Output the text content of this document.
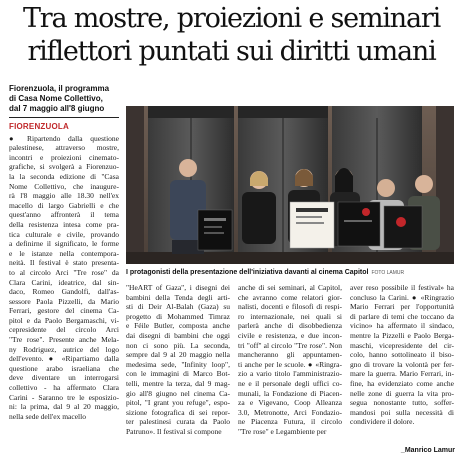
Tra mostre, proiezioni e seminari
riflettori puntati sui diritti umani
Fiorenzuola, il programma
di Casa Nome Collettivo,
dal 7 maggio all'8 giugno
FIORENZUOLA
● Ripartendo dalla questione
palestinese, attraverso mostre,
incontri e proiezioni cinemato-
grafiche, si svolgerà a Fiorenzuo-
la la seconda edizione di "Casa
Nome Collettivo, che inaugure-
rà l'8 maggio alle 18.30 nell'ex
macello di largo Gabrielli e che
quest'anno affronterà il tema
della resistenza intesa come pra-
tica culturale e civile, provando
a definirne il significato, le forme
e le istanze nella contempora-
neità. Il festival è stato presenta-
to al circolo Arci "Tre rose" da
Clara Carini, ideatrice, dal sin-
daco, Romeo Gandolfi, dall'as-
sessore Paola Pizzelli, da Mario
Ferrari, gestore del cinema Ca-
pitol e da Paolo Bergamaschi, vi-
cepresidente del circolo Arci
"Tre rose". Presente anche Mela-
ny Rodriguez, autrice del logo
dell'evento. ● «Ripartiamo dalla
questione arabo israeliana che
deve diventare un interrogarsi
collettivo - ha affermato Clara
Carini - Saranno tre le esposizio-
ni: la prima, dal 9 al 20 maggio,
nella sede dell'ex macello
I protagonisti della presentazione dell'iniziativa davanti al cinema Capitol FOTO LAMUR
"HeART of Gaza", i disegni dei
bambini della Tenda degli arti-
sti di Deir Al-Balah (Gaza) su
progetto di Mohammed Timraz
e Féile Butler, composta anche
dai disegni di bambini che oggi
non ci sono più. La seconda,
sempre dal 9 al 20 maggio nella
medesima sede, "Infinity loop",
con le immagini di Marco Bot-
telli, mentre la terza, dal 9 mag-
gio all'8 giugno nel cinema Ca-
pitol, "I grant you refuge", espo-
sizione fotografica di sei repor-
ter palestinesi curata da Paolo
Patruno». Il festival si compone
anche di sei seminari, al Capitol,
che avranno come relatori gior-
nalisti, docenti e filosofi di respi-
ro internazionale, nei quali si
parlerà anche di disobbedienza
civile e resistenza, e due incon-
tri "off" al circolo "Tre rose". Non
mancheranno gli appuntamen-
ti anche per le scuole. ● «Ringra-
zio a vario titolo l'amministrazio-
ne e il personale degli uffici co-
munali, la Fondazione di Piacen-
za e Vigevano, Coop Alleanza
3.0, Metronotte, Arci Fondazio-
ne Piacenza Futura, il circolo
"Tre rose" e Legambiente per
aver reso possibile il festival» ha
concluso la Carini. ● «Ringrazio
Mario Ferrari per l'opportunità
di parlare di temi che toccano da
vicino» ha affermato il sindaco,
mentre la Pizzelli e Paolo Berga-
maschi, vicepresidente del cir-
colo, hanno sottolineato il biso-
gno di trovare la volontà per fer-
mare la guerra. Mario Ferrari, in-
fine, ha evidenziato come anche
nelle zone di guerra la vita pro-
segua nonostante tutto, soffer-
mandosi poi sulla necessità di
condividere il dolore.
_Manrico Lamur
